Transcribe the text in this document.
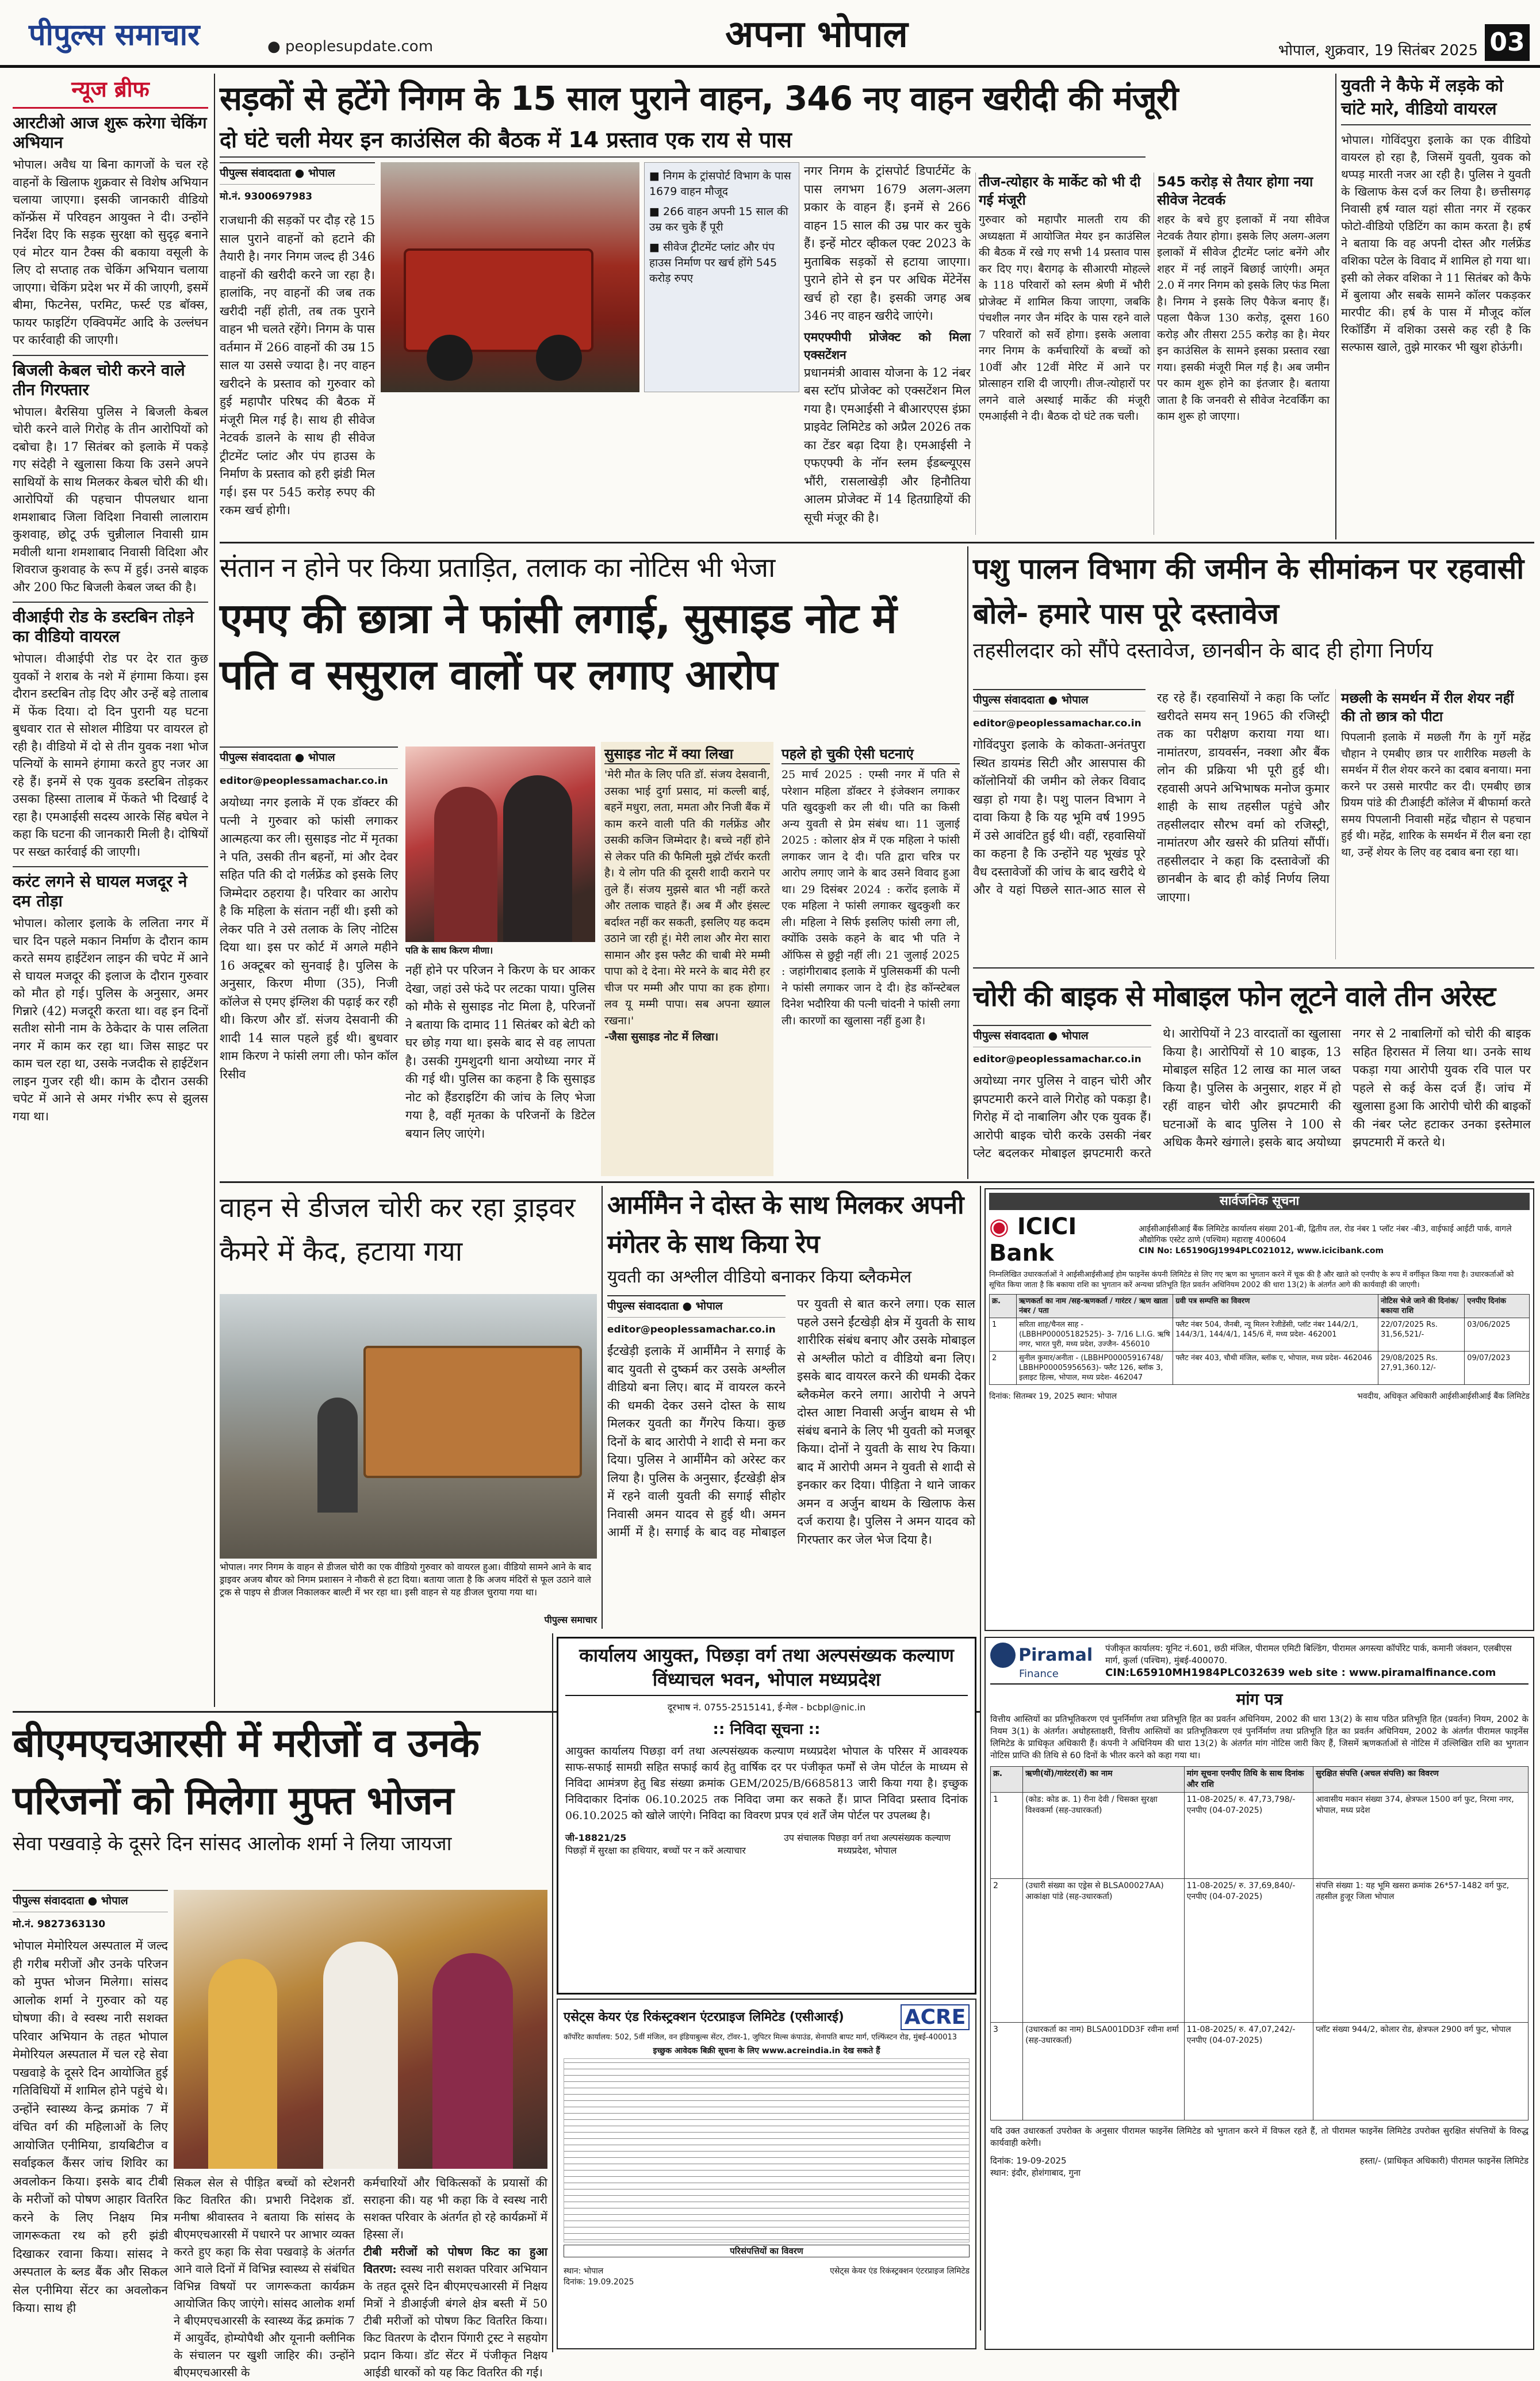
पीपुल्स समाचार	● peoplesupdate.com	अपना भोपाल	भोपाल, शुक्रवार, 19 सितंबर 2025 03
न्यूज ब्रीफ
आरटीओ आज शुरू करेगा चेकिंग अभियान
भोपाल। अवैध या बिना कागजों के चल रहे वाहनों के खिलाफ शुक्रवार से विशेष अभियान चलाया जाएगा। इसकी जानकारी वीडियो कॉन्फ्रेंस में परिवहन आयुक्त ने दी। उन्होंने निर्देश दिए कि सड़क सुरक्षा को सुदृढ़ बनाने एवं मोटर यान टैक्स की बकाया वसूली के लिए दो सप्ताह तक चेकिंग अभियान चलाया जाएगा। चेकिंग प्रदेश भर में की जाएगी, इसमें बीमा, फिटनेस, परमिट, फर्स्ट एड बॉक्स, फायर फाइटिंग एक्विपमेंट आदि के उल्लंघन पर कार्रवाही की जाएगी।
बिजली केबल चोरी करने वाले तीन गिरफ्तार
भोपाल। बैरसिया पुलिस ने बिजली केबल चोरी करने वाले गिरोह के तीन आरोपियों को दबोचा है। 17 सितंबर को इलाके में पकड़े गए संदेही ने खुलासा किया कि उसने अपने साथियों के साथ मिलकर केबल चोरी की थी। आरोपियों की पहचान पीपलधार थाना शमशाबाद जिला विदिशा निवासी लालाराम कुशवाह, छोटू उर्फ चुन्नीलाल निवासी ग्राम मवीली थाना शमशाबाद निवासी विदिशा और शिवराज कुशवाह के रूप में हुई। उनसे बाइक और 200 फिट बिजली केबल जब्त की है।
वीआईपी रोड के डस्टबिन तोड़ने का वीडियो वायरल
भोपाल। वीआईपी रोड पर देर रात कुछ युवकों ने शराब के नशे में हंगामा किया। इस दौरान डस्टबिन तोड़ दिए और उन्हें बड़े तालाब में फेंक दिया। दो दिन पुरानी यह घटना बुधवार रात से सोशल मीडिया पर वायरल हो रही है। वीडियो में दो से तीन युवक नशा भोज पत्नियों के सामने हंगामा करते हुए नजर आ रहे हैं। इनमें से एक युवक डस्टबिन तोड़कर उसका हिस्सा तालाब में फेंकते भी दिखाई दे रहा है। एमआईसी सदस्य आरके सिंह बघेल ने कहा कि घटना की जानकारी मिली है। दोषियों पर सख्त कार्रवाई की जाएगी।
करंट लगने से घायल मजदूर ने दम तोड़ा
भोपाल। कोलार इलाके के ललिता नगर में चार दिन पहले मकान निर्माण के दौरान काम करते समय हाईटेंशन लाइन की चपेट में आने से घायल मजदूर की इलाज के दौरान गुरुवार को मौत हो गई। पुलिस के अनुसार, अमर गिन्नारे (42) मजदूरी करता था। वह इन दिनों सतीश सोनी नाम के ठेकेदार के पास ललिता नगर में काम कर रहा था। जिस साइट पर काम चल रहा था, उसके नजदीक से हाईटेंशन लाइन गुजर रही थी। काम के दौरान उसकी चपेट में आने से अमर गंभीर रूप से झुलस गया था।
सड़कों से हटेंगे निगम के 15 साल पुराने वाहन, 346 नए वाहन खरीदी की मंजूरी
दो घंटे चली मेयर इन काउंसिल की बैठक में 14 प्रस्ताव एक राय से पास
पीपुल्स संवाददाता ● भोपाल
मो.नं. 9300697983
■ निगम के ट्रांसपोर्ट विभाग के पास 1679 वाहन मौजूद
■ 266 वाहन अपनी 15 साल की उम्र कर चुके हैं पूरी
■ सीवेज ट्रीटमेंट प्लांट और पंप हाउस निर्माण पर खर्च होंगे 545 करोड़ रुपए
राजधानी की सड़कों पर दौड़ रहे 15 साल पुराने वाहनों को हटाने की तैयारी है। नगर निगम जल्द ही 346 वाहनों की खरीदी करने जा रहा है। हालांकि, नए वाहनों की जब तक खरीदी नहीं होती, तब तक पुराने वाहन भी चलते रहेंगे। निगम के पास वर्तमान में 266 वाहनों की उम्र 15 साल या उससे ज्यादा है। नए वाहन खरीदने के प्रस्ताव को गुरुवार को हुई महापौर परिषद की बैठक में मंजूरी मिल गई है। साथ ही सीवेज नेटवर्क डालने के साथ ही सीवेज ट्रीटमेंट प्लांट और पंप हाउस के निर्माण के प्रस्ताव को हरी झंडी मिल गई। इस पर 545 करोड़ रुपए की रकम खर्च होगी।
नगर निगम के ट्रांसपोर्ट डिपार्टमेंट के पास लगभग 1679 अलग-अलग प्रकार के वाहन हैं। इनमें से 266 वाहन 15 साल की उम्र पार कर चुके हैं। इन्हें मोटर व्हीकल एक्ट 2023 के मुताबिक सड़कों से हटाया जाएगा। पुराने होने से इन पर अधिक मेंटेनेंस खर्च हो रहा है। इसकी जगह अब 346 नए वाहन खरीदे जाएंगे।
एमएफ्पीपी प्रोजेक्ट को मिला एक्सटेंशन
प्रधानमंत्री आवास योजना के 12 नंबर बस स्टॉप प्रोजेक्ट को एक्सटेंशन मिल गया है। एमआईसी ने बीआरएएस इंफ्रा प्राइवेट लिमिटेड को अप्रैल 2026 तक का टेंडर बढ़ा दिया है। एमआईसी ने एफएफ्पी के नॉन स्लम ईडब्ल्यूएस भौंरी, रासलाखेड़ी और हिनौतिया आलम प्रोजेक्ट में 14 हितग्राहियों की सूची मंजूर की है।
तीज-त्योहार के मार्केट को भी दी गई मंजूरी
गुरुवार को महापौर मालती राय की अध्यक्षता में आयोजित मेयर इन काउंसिल की बैठक में रखे गए सभी 14 प्रस्ताव पास कर दिए गए। बैरागढ़ के सीआरपी मोहल्ले के 118 परिवारों को स्लम श्रेणी में भौरी प्रोजेक्ट में शामिल किया जाएगा, जबकि पंचशील नगर जैन मंदिर के पास रहने वाले 7 परिवारों को सर्वे होगा। इसके अलावा नगर निगम के कर्मचारियों के बच्चों को 10वीं और 12वीं मेरिट में आने पर प्रोत्साहन राशि दी जाएगी। तीज-त्योहारों पर लगने वाले अस्थाई मार्केट की मंजूरी एमआईसी ने दी। बैठक दो घंटे तक चली।
545 करोड़ से तैयार होगा नया सीवेज नेटवर्क
शहर के बचे हुए इलाकों में नया सीवेज नेटवर्क तैयार होगा। इसके लिए अलग-अलग इलाकों में सीवेज ट्रीटमेंट प्लांट बनेंगे और शहर में नई लाइनें बिछाई जाएंगी। अमृत 2.0 में नगर निगम को इसके लिए फंड मिला है। निगम ने इसके लिए पैकेज बनाए हैं। पहला पैकेज 130 करोड़, दूसरा 160 करोड़ और तीसरा 255 करोड़ का है। मेयर इन काउंसिल के सामने इसका प्रस्ताव रखा गया। इसकी मंजूरी मिल गई है। अब जमीन पर काम शुरू होने का इंतजार है। बताया जाता है कि जनवरी से सीवेज नेटवर्किंग का काम शुरू हो जाएगा।
युवती ने कैफे में लड़के को चांटे मारे, वीडियो वायरल
भोपाल। गोविंदपुरा इलाके का एक वीडियो वायरल हो रहा है, जिसमें युवती, युवक को थप्पड़ मारती नजर आ रही है। पुलिस ने युवती के खिलाफ केस दर्ज कर लिया है। छत्तीसगढ़ निवासी हर्ष ग्वाल यहां सीता नगर में रहकर फोटो-वीडियो एडिटिंग का काम करता है। हर्ष ने बताया कि वह अपनी दोस्त और गर्लफ्रेंड वशिका पटेल के विवाद में शामिल हो गया था। इसी को लेकर वशिका ने 11 सितंबर को कैफे में बुलाया और सबके सामने कॉलर पकड़कर मारपीट की। हर्ष के पास में मौजूद कॉल रिकॉर्डिंग में वशिका उससे कह रही है कि सल्फास खाले, तुझे मारकर भी खुश होऊंगी।
संतान न होने पर किया प्रताड़ित, तलाक का नोटिस भी भेजा
एमए की छात्रा ने फांसी लगाई, सुसाइड नोट में पति व ससुराल वालों पर लगाए आरोप
पीपुल्स संवाददाता ● भोपाल
editor@peoplessamachar.co.in
अयोध्या नगर इलाके में एक डॉक्टर की पत्नी ने गुरुवार को फांसी लगाकर आत्महत्या कर ली। सुसाइड नोट में मृतका ने पति, उसकी तीन बहनों, मां और देवर सहित पति की दो गर्लफ्रेंड को इसके लिए जिम्मेदार ठहराया है। परिवार का आरोप है कि महिला के संतान नहीं थी। इसी को लेकर पति ने उसे तलाक के लिए नोटिस दिया था। इस पर कोर्ट में अगले महीने 16 अक्टूबर को सुनवाई है। पुलिस के अनुसार, किरण मीणा (35), निजी कॉलेज से एमए इंग्लिश की पढ़ाई कर रही थी। किरण और डॉ. संजय देसवानी की शादी 14 साल पहले हुई थी। बुधवार शाम किरण ने फांसी लगा ली। फोन कॉल रिसीव
पति के साथ किरण मीणा।
नहीं होने पर परिजन ने किरण के घर आकर देखा, जहां उसे फंदे पर लटका पाया। पुलिस को मौके से सुसाइड नोट मिला है, परिजनों ने बताया कि दामाद 11 सितंबर को बेटी को घर छोड़ गया था। इसके बाद से वह लापता है। उसकी गुमशुदगी थाना अयोध्या नगर में की गई थी। पुलिस का कहना है कि सुसाइड नोट को हैंडराइटिंग की जांच के लिए भेजा गया है, वहीं मृतका के परिजनों के डिटेल बयान लिए जाएंगे।
सुसाइड नोट में क्या लिखा
'मेरी मौत के लिए पति डॉ. संजय देसवानी, उसका भाई दुर्गा प्रसाद, मां कल्ली बाई, बहनें मधुरा, लता, ममता और निजी बैंक में काम करने वाली पति की गर्लफ्रेंड और उसकी कजिन जिम्मेदार है। बच्चे नहीं होने से लेकर पति की फैमिली मुझे टॉर्चर करती है। ये लोग पति की दूसरी शादी कराने पर तुले हैं। संजय मुझसे बात भी नहीं करते और तलाक चाहते हैं। अब मैं और इंसल्ट बर्दाश्त नहीं कर सकती, इसलिए यह कदम उठाने जा रही हूं। मेरी लाश और मेरा सारा सामान और इस फ्लैट की चाबी मेरे मम्मी पापा को दे देना। मेरे मरने के बाद मेरी हर चीज पर मम्मी और पापा का हक होगा। लव यू मम्मी पापा। सब अपना ख्याल रखना।'
-जैसा सुसाइड नोट में लिखा।
पहले हो चुकी ऐसी घटनाएं
25 मार्च 2025 : एम्सी नगर में पति से परेशान महिला डॉक्टर ने इंजेक्शन लगाकर पति खुदकुशी कर ली थी। पति का किसी अन्य युवती से प्रेम संबंध था। 11 जुलाई 2025 : कोलार क्षेत्र में एक महिला ने फांसी लगाकर जान दे दी। पति द्वारा चरित्र पर आरोप लगाए जाने के बाद उसने विवाद हुआ था। 29 दिसंबर 2024 : करोंद इलाके में एक महिला ने फांसी लगाकर खुदकुशी कर ली। महिला ने सिर्फ इसलिए फांसी लगा ली, क्योंकि उसके कहने के बाद भी पति ने ऑफिस से छुट्टी नहीं ली। 21 जुलाई 2025 : जहांगीराबाद इलाके में पुलिसकर्मी की पत्नी ने फांसी लगाकर जान दे दी। हेड कॉन्स्टेबल दिनेश भदौरिया की पत्नी चांदनी ने फांसी लगा ली। कारणों का खुलासा नहीं हुआ है।
पशु पालन विभाग की जमीन के सीमांकन पर रहवासी बोले- हमारे पास पूरे दस्तावेज
तहसीलदार को सौंपे दस्तावेज, छानबीन के बाद ही होगा निर्णय
पीपुल्स संवाददाता ● भोपाल
editor@peoplessamachar.co.in
गोविंदपुरा इलाके के कोकता-अनंतपुरा स्थित डायमंड सिटी और आसपास की कॉलोनियों की जमीन को लेकर विवाद खड़ा हो गया है। पशु पालन विभाग ने दावा किया है कि यह भूमि वर्ष 1995 में उसे आवंटित हुई थी। वहीं, रहवासियों का कहना है कि उन्होंने यह भूखंड पूरे वैध दस्तावेजों की जांच के बाद खरीदे थे और वे यहां पिछले सात-आठ साल से रह रहे हैं। रहवासियों ने कहा कि प्लॉट खरीदते समय सन् 1965 की रजिस्ट्री तक का परीक्षण कराया गया था। नामांतरण, डायवर्सन, नक्शा और बैंक लोन की प्रक्रिया भी पूरी हुई थी। रहवासी अपने अभिभाषक मनोज कुमार शाही के साथ तहसील पहुंचे और तहसीलदार सौरभ वर्मा को रजिस्ट्री, नामांतरण और खसरे की प्रतियां सौंपीं। तहसीलदार ने कहा कि दस्तावेजों की छानबीन के बाद ही कोई निर्णय लिया जाएगा।
मछली के समर्थन में रील शेयर नहीं की तो छात्र को पीटा
पिपलानी इलाके में मछली गैंग के गुर्गे महेंद्र चौहान ने एमबीए छात्र पर शारीरिक मछली के समर्थन में रील शेयर करने का दबाव बनाया। मना करने पर उससे मारपीट कर दी। एमबीए छात्र प्रियम पांडे की टीआईटी कॉलेज में बीफार्मा करते समय पिपलानी निवासी महेंद्र चौहान से पहचान हुई थी। महेंद्र, शारिक के समर्थन में रील बना रहा था, उन्हें शेयर के लिए वह दबाव बना रहा था।
चोरी की बाइक से मोबाइल फोन लूटने वाले तीन अरेस्ट
पीपुल्स संवाददाता ● भोपाल
editor@peoplessamachar.co.in
अयोध्या नगर पुलिस ने वाहन चोरी और झपटमारी करने वाले गिरोह को पकड़ा है। गिरोह में दो नाबालिग और एक युवक हैं। आरोपी बाइक चोरी करके उसकी नंबर प्लेट बदलकर मोबाइल झपटमारी करते थे। आरोपियों ने 23 वारदातों का खुलासा किया है। आरोपियों से 10 बाइक, 13 मोबाइल सहित 12 लाख का माल जब्त किया है। पुलिस के अनुसार, शहर में हो रहीं वाहन चोरी और झपटमारी की घटनाओं के बाद पुलिस ने 100 से अधिक कैमरे खंगाले। इसके बाद अयोध्या नगर से 2 नाबालिगों को चोरी की बाइक सहित हिरासत में लिया था। उनके साथ पकड़ा गया आरोपी युवक रवि पाल पर पहले से कई केस दर्ज हैं। जांच में खुलासा हुआ कि आरोपी चोरी की बाइकों की नंबर प्लेट हटाकर उनका इस्तेमाल झपटमारी में करते थे।
वाहन से डीजल चोरी कर रहा ड्राइवर कैमरे में कैद, हटाया गया
भोपाल। नगर निगम के वाहन से डीजल चोरी का एक वीडियो गुरुवार को वायरल हुआ। वीडियो सामने आने के बाद ड्राइवर अजय बौयर को निगम प्रशासन ने नौकरी से हटा दिया। बताया जाता है कि अजय मंदिरों से फूल उठाने वाले ट्रक से पाइप से डीजल निकालकर बाल्टी में भर रहा था। इसी वाहन से यह डीजल चुराया गया था।
पीपुल्स समाचार
आर्मीमैन ने दोस्त के साथ मिलकर अपनी मंगेतर के साथ किया रेप
युवती का अश्लील वीडियो बनाकर किया ब्लैकमेल
पीपुल्स संवाददाता ● भोपाल
editor@peoplessamachar.co.in
ईंटखेड़ी इलाके में आर्मीमैन ने सगाई के बाद युवती से दुष्कर्म कर उसके अश्लील वीडियो बना लिए। बाद में वायरल करने की धमकी देकर उसने दोस्त के साथ मिलकर युवती का गैंगरेप किया। कुछ दिनों के बाद आरोपी ने शादी से मना कर दिया। पुलिस ने आर्मीमैन को अरेस्ट कर लिया है। पुलिस के अनुसार, ईंटखेड़ी क्षेत्र में रहने वाली युवती की सगाई सीहोर निवासी अमन यादव से हुई थी। अमन आर्मी में है। सगाई के बाद वह मोबाइल पर युवती से बात करने लगा। एक साल पहले उसने ईंटखेड़ी क्षेत्र में युवती के साथ शारीरिक संबंध बनाए और उसके मोबाइल से अश्लील फोटो व वीडियो बना लिए। इसके बाद वायरल करने की धमकी देकर ब्लैकमेल करने लगा। आरोपी ने अपने दोस्त आष्टा निवासी अर्जुन बाथम से भी संबंध बनाने के लिए भी युवती को मजबूर किया। दोनों ने युवती के साथ रेप किया। बाद में आरोपी अमन ने युवती से शादी से इनकार कर दिया। पीड़िता ने थाने जाकर अमन व अर्जुन बाथम के खिलाफ केस दर्ज कराया है। पुलिस ने अमन यादव को गिरफ्तार कर जेल भेज दिया है।
सार्वजनिक सूचना
◉ ICICI Bank
आईसीआईसीआई बैंक लिमिटेड कार्यालय संख्या 201-बी, द्वितीय तल, रोड नंबर 1 प्लॉट नंबर -बी3, वाईफाई आईटी पार्क, वागले औद्योगिक एस्टेट ठाणे (पश्चिम) महाराष्ट्र 400604
CIN No: L65190GJ1994PLC021012, www.icicibank.com
निम्नलिखित उधारकर्ताओं ने आईसीआईसीआई होम फाइनेंस कंपनी लिमिटेड से लिए गए ऋण का भुगतान करने में चूक की है और खाते को एनपीए के रूप में वर्गीकृत किया गया है। उधारकर्ताओं को सूचित किया जाता है कि बकाया राशि का भुगतान करें अन्यथा प्रतिभूति हित प्रवर्तन अधिनियम 2002 की धारा 13(2) के अंतर्गत आगे की कार्यवाही की जाएगी।
क्र.	ऋणकर्ता का नाम /सह-ऋणकर्ता / गारंटर / ऋण खाता नंबर / पता	ग्रवी पत्र सम्पत्ति का विवरण	नोटिस भेजे जाने की दिनांक/बकाया राशि	एनपीए दिनांक
1	सरिता शाह/चैनल साह - (LBBHP00005182525)- 3- 7/16 L.I.G. ऋषि नगर, भारत पुरी, मध्य प्रदेश, उज्जैन- 456010	फ्लैट नंबर 504, जैनबी, न्यू मिलन रेजीडेंसी, प्लॉट नंबर 144/2/1, 144/3/1, 144/4/1, 145/6 में, मध्य प्रदेश- 462001	22/07/2025 Rs. 31,56,521/-	03/06/2025
2	सुनील कुमार/अनीता - (LBBHP00005916748/ LBBHP00005956563)- फ्लैट 126, ब्लॉक 3, इलाइट हिल्स, भोपाल, मध्य प्रदेश- 462047	फ्लैट नंबर 403, चौथी मंजिल, ब्लॉक ए, भोपाल, मध्य प्रदेश- 462046	29/08/2025 Rs. 27,91,360.12/-	09/07/2023
दिनांक: सितम्बर 19, 2025 स्थान: भोपाल	भवदीय, अधिकृत अधिकारी आईसीआईसीआई बैंक लिमिटेड
बीएमएचआरसी में मरीजों व उनके परिजनों को मिलेगा मुफ्त भोजन
सेवा पखवाड़े के दूसरे दिन सांसद आलोक शर्मा ने लिया जायजा
पीपुल्स संवाददाता ● भोपाल
मो.नं. 9827363130
भोपाल मेमोरियल अस्पताल में जल्द ही गरीब मरीजों और उनके परिजन को मुफ्त भोजन मिलेगा। सांसद आलोक शर्मा ने गुरुवार को यह घोषणा की। वे स्वस्थ नारी सशक्त परिवार अभियान के तहत भोपाल मेमोरियल अस्पताल में चल रहे सेवा पखवाड़े के दूसरे दिन आयोजित हुई गतिविधियों में शामिल होने पहुंचे थे। उन्होंने स्वास्थ्य केन्द्र क्रमांक 7 में वंचित वर्ग की महिलाओं के लिए आयोजित एनीमिया, डायबिटीज व सर्वाइकल कैंसर जांच शिविर का अवलोकन किया। इसके बाद टीबी के मरीजों को पोषण आहार वितरित करने के लिए निक्षय मित्र जागरूकता रथ को हरी झंडी दिखाकर रवाना किया। सांसद ने अस्पताल के ब्लड बैंक और सिकल सेल एनीमिया सेंटर का अवलोकन किया। साथ ही
सिकल सेल से पीड़ित बच्चों को स्टेशनरी किट वितरित की। प्रभारी निदेशक डॉ. मनीषा श्रीवास्तव ने बताया कि सांसद के बीएमएचआरसी में पधारने पर आभार व्यक्त करते हुए कहा कि सेवा पखवाड़े के अंतर्गत आने वाले दिनों में विभिन्न स्वास्थ्य से संबंधित विभिन्न विषयों पर जागरूकता कार्यक्रम आयोजित किए जाएंगे। सांसद आलोक शर्मा ने बीएमएचआरसी के स्वास्थ्य केंद्र क्रमांक 7 में आयुर्वेद, होम्योपैथी और यूनानी क्लीनिक के संचालन पर खुशी जाहिर की। उन्होंने बीएमएचआरसी के
कर्मचारियों और चिकित्सकों के प्रयासों की सराहना की। यह भी कहा कि वे स्वस्थ नारी सशक्त परिवार के अंतर्गत हो रहे कार्यक्रमों में हिस्सा लें।
टीबी मरीजों को पोषण किट का हुआ वितरण: स्वस्थ नारी सशक्त परिवार अभियान के तहत दूसरे दिन बीएमएचआरसी में निक्षय मित्रों ने डीआईजी बंगले क्षेत्र बस्ती में 50 टीबी मरीजों को पोषण किट वितरित किया। किट वितरण के दौरान पिंगारी ट्रस्ट ने सहयोग प्रदान किया। डॉट सेंटर में पंजीकृत निक्षय आईडी धारकों को यह किट वितरित की गई।
कार्यालय आयुक्त, पिछड़ा वर्ग तथा अल्पसंख्यक कल्याण
विंध्याचल भवन, भोपाल मध्यप्रदेश
दूरभाष नं. 0755-2515141, ई-मेल - bcbpl@nic.in
:: निविदा सूचना ::
आयुक्त कार्यालय पिछड़ा वर्ग तथा अल्पसंख्यक कल्याण मध्यप्रदेश भोपाल के परिसर में आवश्यक साफ-सफाई सामग्री सहित सफाई कार्य हेतु वार्षिक दर पर पंजीकृत फर्मों से जेम पोर्टल के माध्यम से निविदा आमंत्रण हेतु बिड संख्या क्रमांक GEM/2025/B/6685813 जारी किया गया है। इच्छुक निविदाकार दिनांक 06.10.2025 तक निविदा जमा कर सकते हैं। प्राप्त निविदा प्रस्ताव दिनांक 06.10.2025 को खोले जाएंगे। निविदा का विवरण प्रपत्र एवं शर्तें जेम पोर्टल पर उपलब्ध है।
जी-18821/25
पिछड़ों में सुरक्षा का हथियार, बच्चों पर न करें अत्याचार
उप संचालक पिछड़ा वर्ग तथा अल्पसंख्यक कल्याण मध्यप्रदेश, भोपाल
एसेट्स केयर एंड रिकंस्ट्रक्शन एंटरप्राइज लिमिटेड (एसीआरई)	ACRE
कॉर्पोरेट कार्यालय: 502, 5वीं मंजिल, वन इंडियाबुल्स सेंटर, टॉवर-1, जुपिटर मिल्स कंपाउंड, सेनापति बापट मार्ग, एल्फिंस्टन रोड, मुंबई-400013
इच्छुक आवेदक बिक्री सूचना के लिए www.acreindia.in देख सकते हैं
परिसंपत्तियों का विवरण
स्थान: भोपाल
दिनांक: 19.09.2025
एसेट्स केयर एंड रिकंस्ट्रक्शन एंटरप्राइज लिमिटेड
Piramal
Finance
पंजीकृत कार्यालय: यूनिट नं.601, छठी मंजिल, पीरामल एमिटी बिल्डिंग, पीरामल अगस्त्या कॉर्पोरेट पार्क, कमानी जंक्शन, एलबीएस मार्ग, कुर्ला (पश्चिम), मुंबई-400070.
CIN:L65910MH1984PLC032639 web site : www.piramalfinance.com
मांग पत्र
वित्तीय आस्तियों का प्रतिभूतिकरण एवं पुनर्निर्माण तथा प्रतिभूति हित का प्रवर्तन अधिनियम, 2002 की धारा 13(2) के साथ पठित प्रतिभूति हित (प्रवर्तन) नियम, 2002 के नियम 3(1) के अंतर्गत। अधोहस्ताक्षरी, वित्तीय आस्तियों का प्रतिभूतिकरण एवं पुनर्निर्माण तथा प्रतिभूति हित का प्रवर्तन अधिनियम, 2002 के अंतर्गत पीरामल फाइनेंस लिमिटेड के प्राधिकृत अधिकारी हैं। कंपनी ने अधिनियम की धारा 13(2) के अंतर्गत मांग नोटिस जारी किए हैं, जिसमें ऋणकर्ताओं से नोटिस में उल्लिखित राशि का भुगतान नोटिस प्राप्ति की तिथि से 60 दिनों के भीतर करने को कहा गया था।
क्र.	ऋणी(यों)/गारंटर(रों) का नाम	मांग सूचना एनपीए तिथि के साथ दिनांक और राशि	सुरक्षित संपत्ति (अचल संपत्ति) का विवरण
1	(कोड: कोड क्र. 1) रीना देवी / चिसक्त सुरक्षा विश्वकर्मा (सह-उधारकर्ता)	11-08-2025/ रु. 47,73,798/- एनपीए (04-07-2025)	आवासीय मकान संख्या 374, क्षेत्रफल 1500 वर्ग फुट, निरमा नगर, भोपाल, मध्य प्रदेश
2	(उधारी संख्या का एड्रेस से BLSA00027AA) आकांक्षा पांडे (सह-उधारकर्ता)	11-08-2025/ रु. 37,69,840/- एनपीए (04-07-2025)	संपत्ति संख्या 1: यह भूमि खसरा क्रमांक 26*57-1482 वर्ग फुट, तहसील हुजूर जिला भोपाल
3	(उधारकर्ता का नाम) BLSA001DD3F रवीना शर्मा (सह-उधारकर्ता)	11-08-2025/ रु. 47,07,242/- एनपीए (04-07-2025)	प्लॉट संख्या 944/2, कोलार रोड, क्षेत्रफल 2900 वर्ग फुट, भोपाल
यदि उक्त उधारकर्ता उपरोक्त के अनुसार पीरामल फाइनेंस लिमिटेड को भुगतान करने में विफल रहते हैं, तो पीरामल फाइनेंस लिमिटेड उपरोक्त सुरक्षित संपत्तियों के विरुद्ध कार्यवाही करेगी।
दिनांक: 19-09-2025
स्थान: इंदौर, होशंगाबाद, गुना
हस्ता/- (प्राधिकृत अधिकारी) पीरामल फाइनेंस लिमिटेड
